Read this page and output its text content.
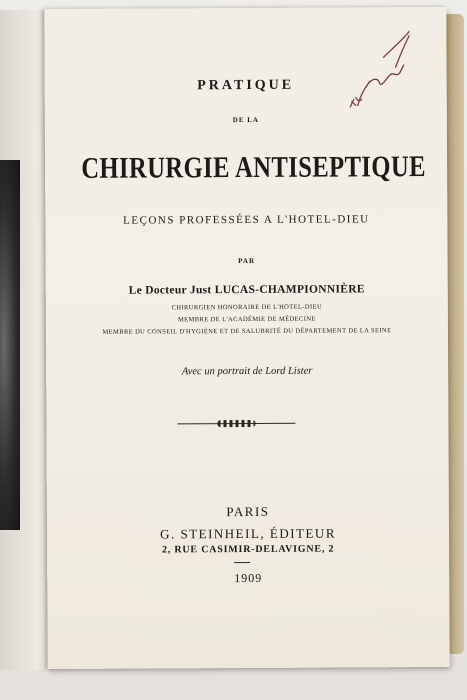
PRATIQUE
DE LA
CHIRURGIE ANTISEPTIQUE
LEÇONS PROFESSÉES A L'HOTEL-DIEU
PAR
Le Docteur Just LUCAS-CHAMPIONNIÈRE
CHIRURGIEN HONORAIRE DE L'HOTEL-DIEU
MEMBRE DE L'ACADÉMIE DE MÉDECINE
MEMBRE DU CONSEIL D'HYGIÈNE ET DE SALUBRITÉ DU DÉPARTEMENT DE LA SEINE
Avec un portrait de Lord Lister
PARIS
G. STEINHEIL, ÉDITEUR
2, RUE CASIMIR-DELAVIGNE, 2
1909
